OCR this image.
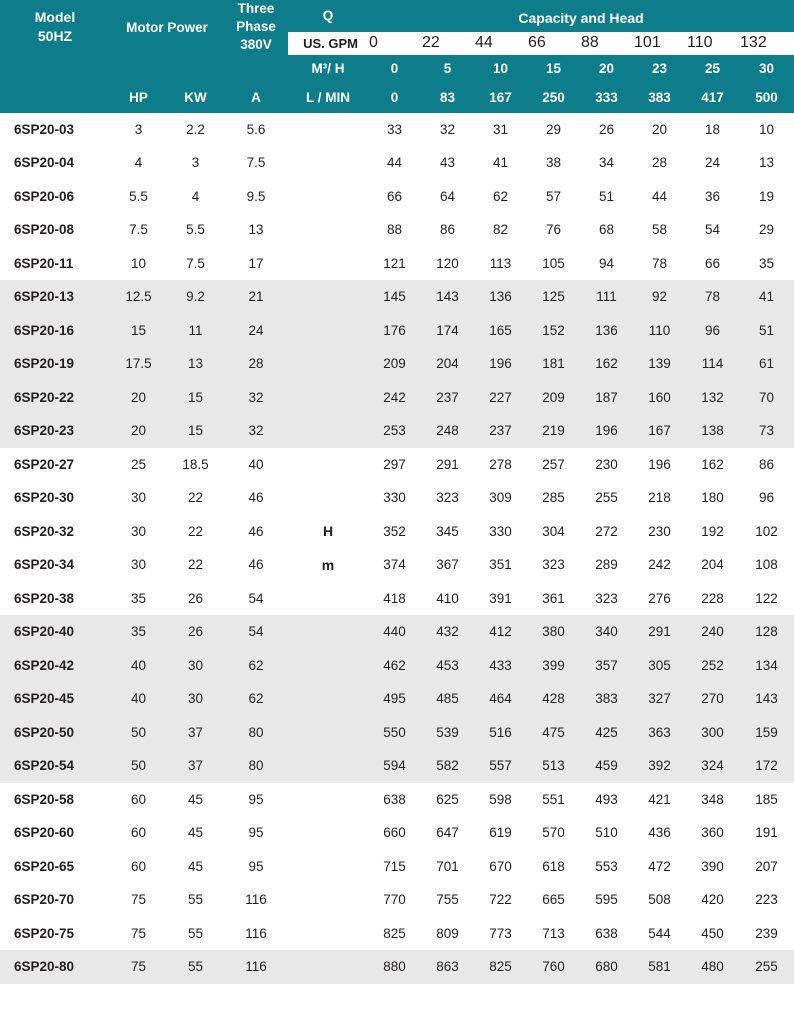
Model
50HZ
	Motor Power	
Three
Phase
380V
	Q	Capacity and Head
				US. GPM	0	22	44	66	88	101	110	132
				M³/ H	0	5	10	15	20	23	25	30
	HP	KW	A	L / MIN	0	83	167	250	333	383	417	500
6SP20-03	3	2.2	5.6		33	32	31	29	26	20	18	10
6SP20-04	4	3	7.5		44	43	41	38	34	28	24	13
6SP20-06	5.5	4	9.5		66	64	62	57	51	44	36	19
6SP20-08	7.5	5.5	13		88	86	82	76	68	58	54	29
6SP20-11	10	7.5	17		121	120	113	105	94	78	66	35
6SP20-13	12.5	9.2	21		145	143	136	125	111	92	78	41
6SP20-16	15	11	24		176	174	165	152	136	110	96	51
6SP20-19	17.5	13	28		209	204	196	181	162	139	114	61
6SP20-22	20	15	32		242	237	227	209	187	160	132	70
6SP20-23	20	15	32		253	248	237	219	196	167	138	73
6SP20-27	25	18.5	40		297	291	278	257	230	196	162	86
6SP20-30	30	22	46		330	323	309	285	255	218	180	96
6SP20-32	30	22	46	H	352	345	330	304	272	230	192	102
6SP20-34	30	22	46	m	374	367	351	323	289	242	204	108
6SP20-38	35	26	54		418	410	391	361	323	276	228	122
6SP20-40	35	26	54		440	432	412	380	340	291	240	128
6SP20-42	40	30	62		462	453	433	399	357	305	252	134
6SP20-45	40	30	62		495	485	464	428	383	327	270	143
6SP20-50	50	37	80		550	539	516	475	425	363	300	159
6SP20-54	50	37	80		594	582	557	513	459	392	324	172
6SP20-58	60	45	95		638	625	598	551	493	421	348	185
6SP20-60	60	45	95		660	647	619	570	510	436	360	191
6SP20-65	60	45	95		715	701	670	618	553	472	390	207
6SP20-70	75	55	116		770	755	722	665	595	508	420	223
6SP20-75	75	55	116		825	809	773	713	638	544	450	239
6SP20-80	75	55	116		880	863	825	760	680	581	480	255
